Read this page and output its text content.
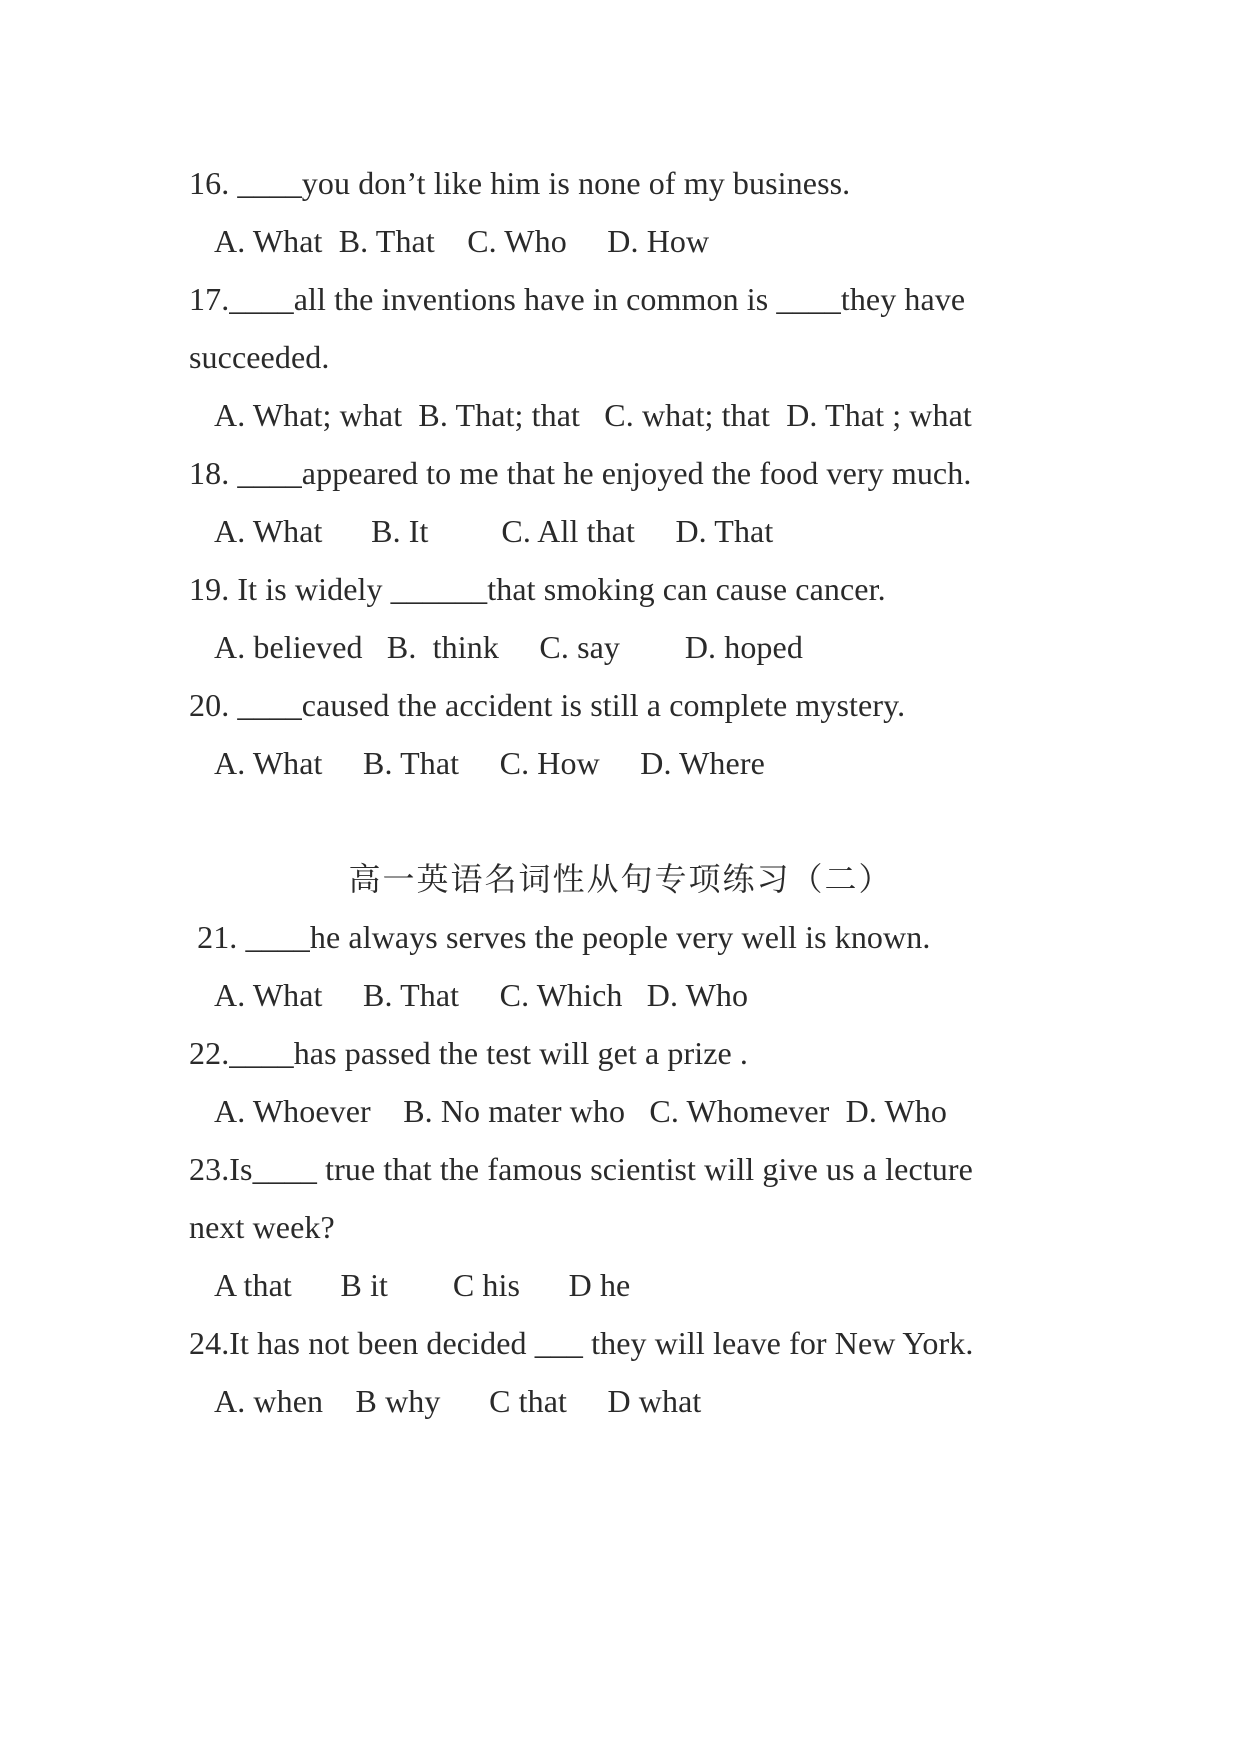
16. ____you don’t like him is none of my business.
A. What  B. That    C. Who     D. How
17.____all the inventions have in common is ____they have
succeeded.
A. What; what  B. That; that   C. what; that  D. That ; what
18. ____appeared to me that he enjoyed the food very much.
A. What      B. It         C. All that     D. That
19. It is widely ______that smoking can cause cancer.
A. believed   B.  think     C. say        D. hoped
20. ____caused the accident is still a complete mystery.
A. What     B. That     C. How     D. Where
高一英语名词性从句专项练习（二）
21. ____he always serves the people very well is known.
A. What     B. That     C. Which   D. Who
22.____has passed the test will get a prize .
A. Whoever    B. No mater who   C. Whomever  D. Who
23.Is____ true that the famous scientist will give us a lecture
next week?
A that      B it        C his      D he
24.It has not been decided ___ they will leave for New York.
A. when    B why      C that     D what
